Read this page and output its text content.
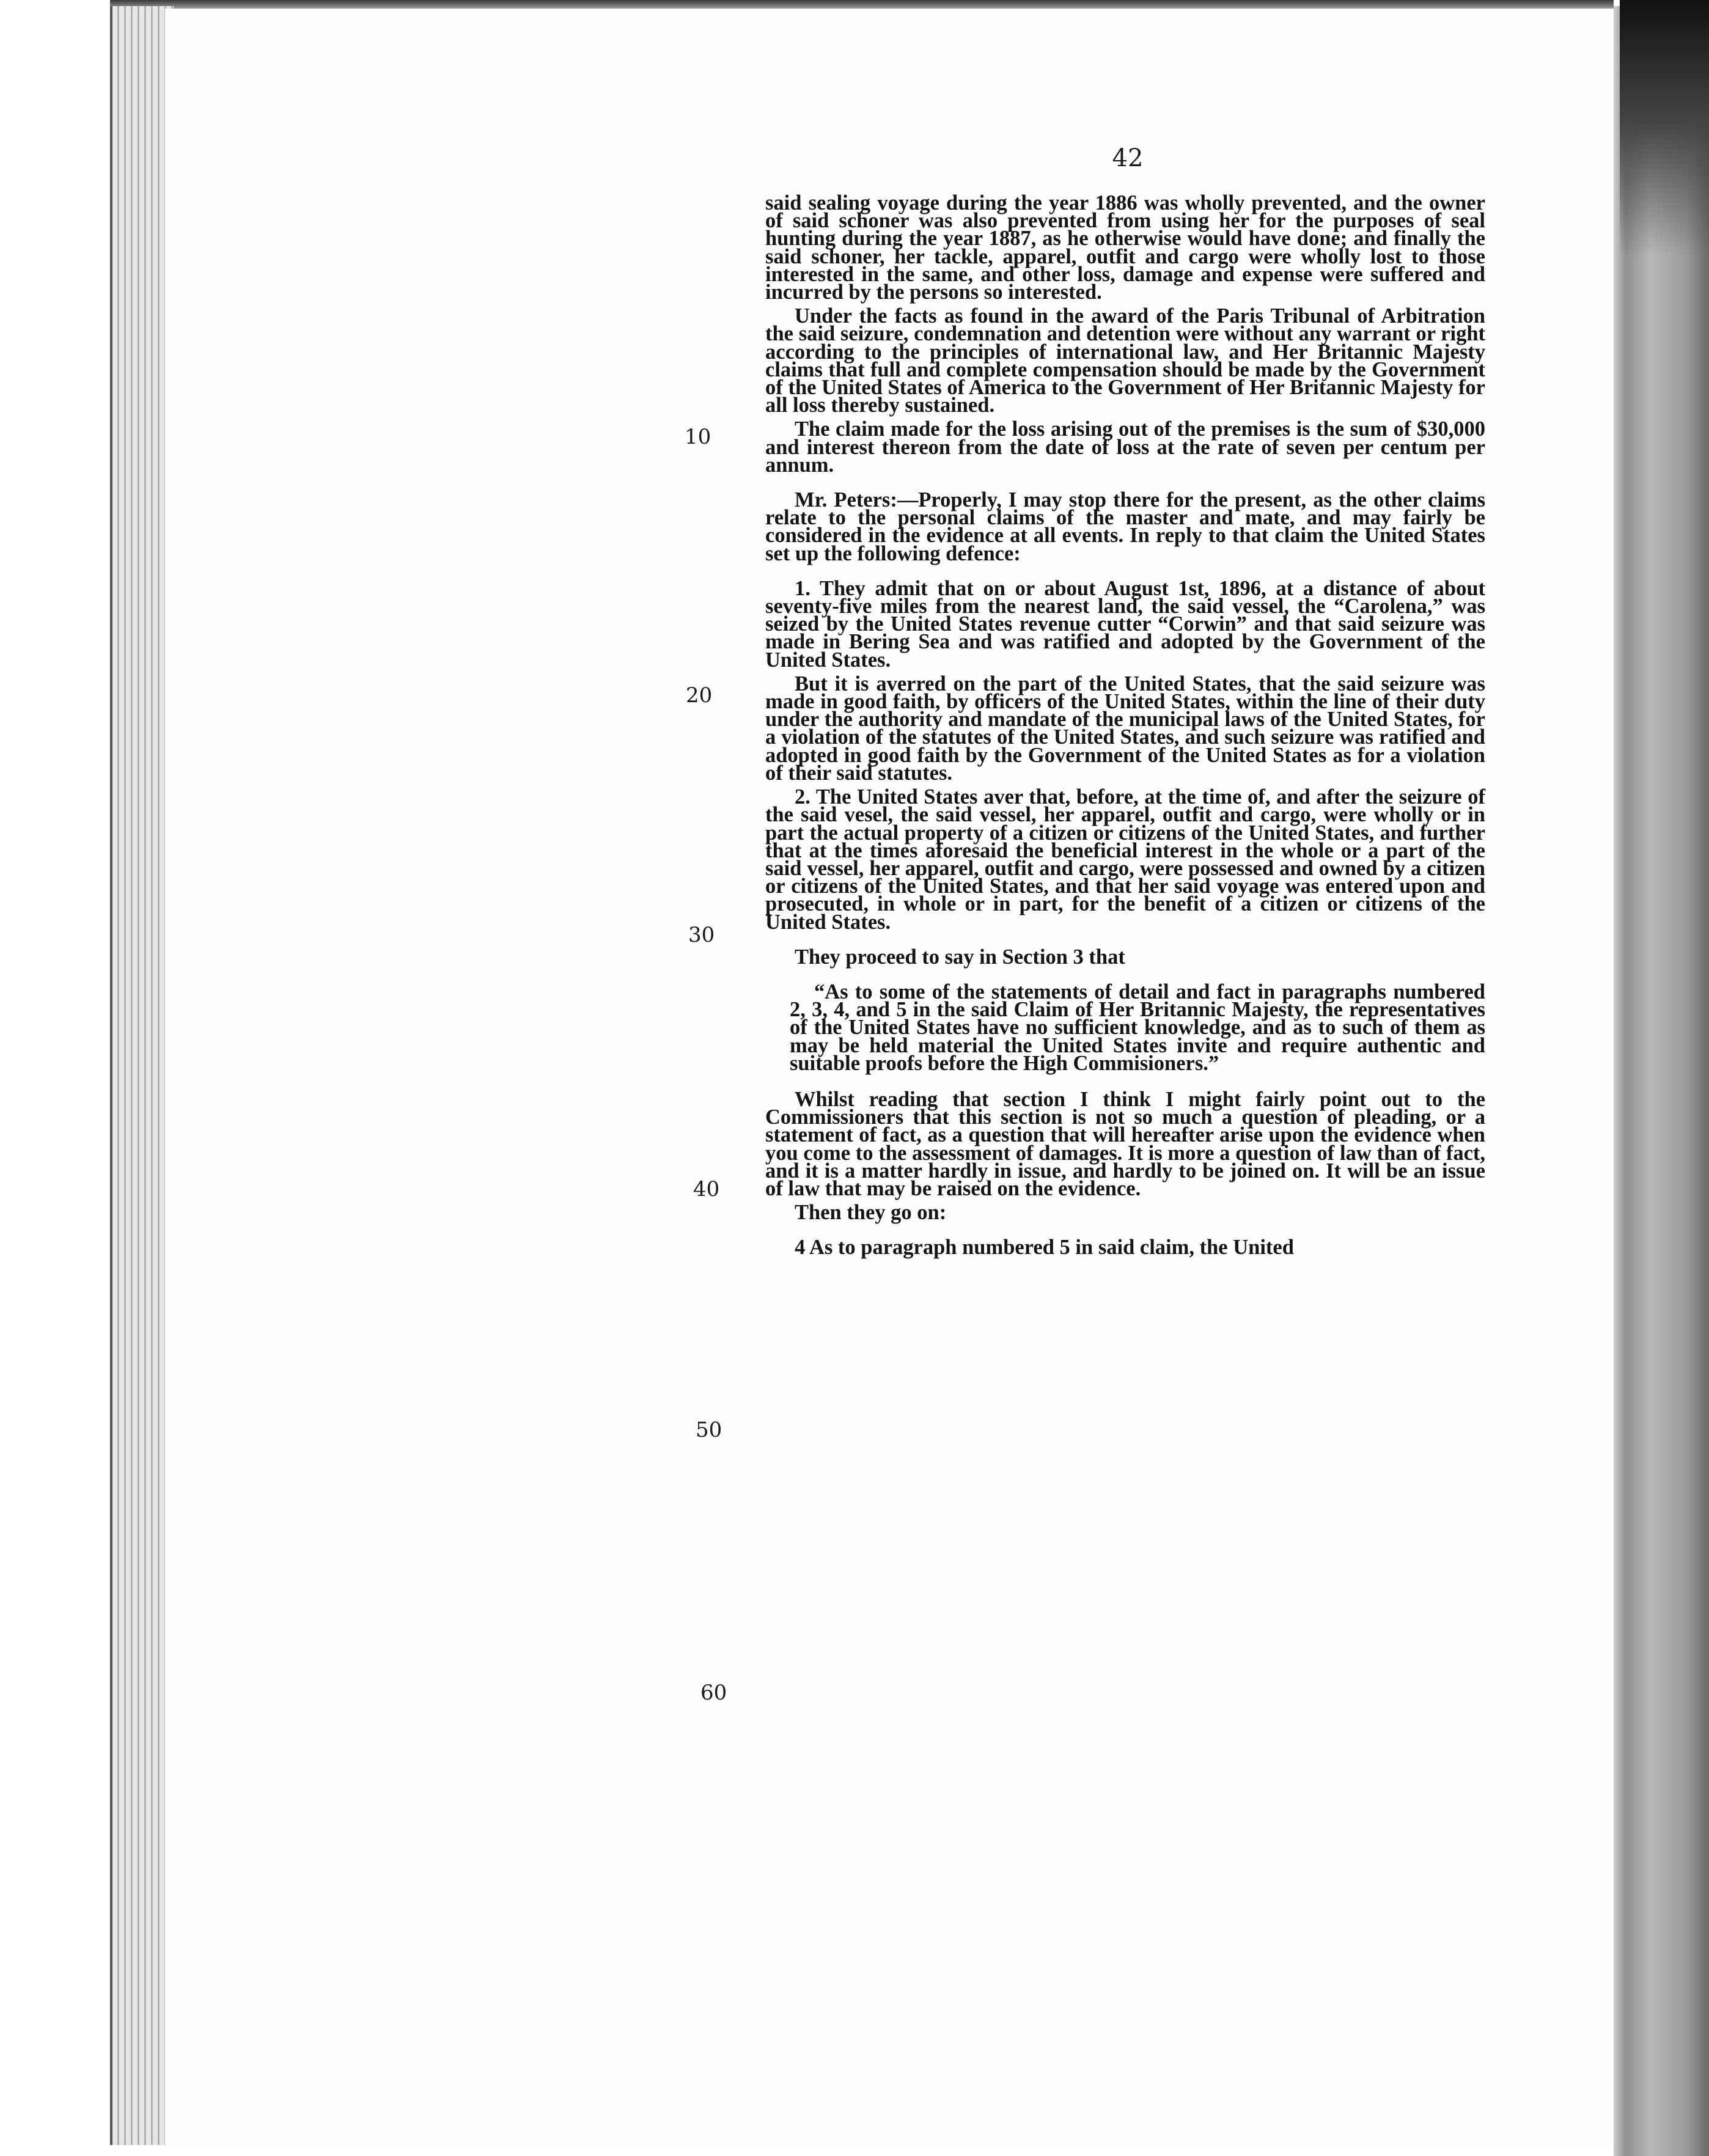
42
10
20
30
40
50
60

said sealing voyage during the year 1886 was wholly prevented, and the owner of said schoner was also prevented from using her for the purposes of seal hunting during the year 1887, as he otherwise would have done; and finally the said schoner, her tackle, apparel, outfit and cargo were wholly lost to those interested in the same, and other loss, damage and expense were suffered and incurred by the persons so interested.

Under the facts as found in the award of the Paris Tribunal of Arbitration the said seizure, condemnation and detention were without any warrant or right according to the principles of international law, and Her Britannic Majesty claims that full and complete compensation should be made by the Government of the United States of America to the Government of Her Britannic Majesty for all loss thereby sustained.

The claim made for the loss arising out of the premises is the sum of $30,000 and interest thereon from the date of loss at the rate of seven per centum per annum.

Mr. Peters:—Properly, I may stop there for the present, as the other claims relate to the personal claims of the master and mate, and may fairly be considered in the evidence at all events. In reply to that claim the United States set up the following defence:

1. They admit that on or about August 1st, 1896, at a distance of about seventy-five miles from the nearest land, the said vessel, the “Carolena,” was seized by the United States revenue cutter “Corwin” and that said seizure was made in Bering Sea and was ratified and adopted by the Government of the United States.

But it is averred on the part of the United States, that the said seizure was made in good faith, by officers of the United States, within the line of their duty under the authority and mandate of the municipal laws of the United States, for a violation of the statutes of the United States, and such seizure was ratified and adopted in good faith by the Government of the United States as for a violation of their said statutes.

2. The United States aver that, before, at the time of, and after the seizure of the said vesel, the said vessel, her apparel, outfit and cargo, were wholly or in part the actual property of a citizen or citizens of the United States, and further that at the times aforesaid the beneficial interest in the whole or a part of the said vessel, her apparel, outfit and cargo, were possessed and owned by a citizen or citizens of the United States, and that her said voyage was entered upon and prosecuted, in whole or in part, for the benefit of a citizen or citizens of the United States.

They proceed to say in Section 3 that

“As to some of the statements of detail and fact in paragraphs numbered 2, 3, 4, and 5 in the said Claim of Her Britannic Majesty, the representatives of the United States have no sufficient knowledge, and as to such of them as may be held material the United States invite and require authentic and suitable proofs before the High Commisioners.”

Whilst reading that section I think I might fairly point out to the Commissioners that this section is not so much a question of pleading, or a statement of fact, as a question that will hereafter arise upon the evidence when you come to the assessment of damages. It is more a question of law than of fact, and it is a matter hardly in issue, and hardly to be joined on. It will be an issue of law that may be raised on the evidence.

Then they go on:

4 As to paragraph numbered 5 in said claim, the United
